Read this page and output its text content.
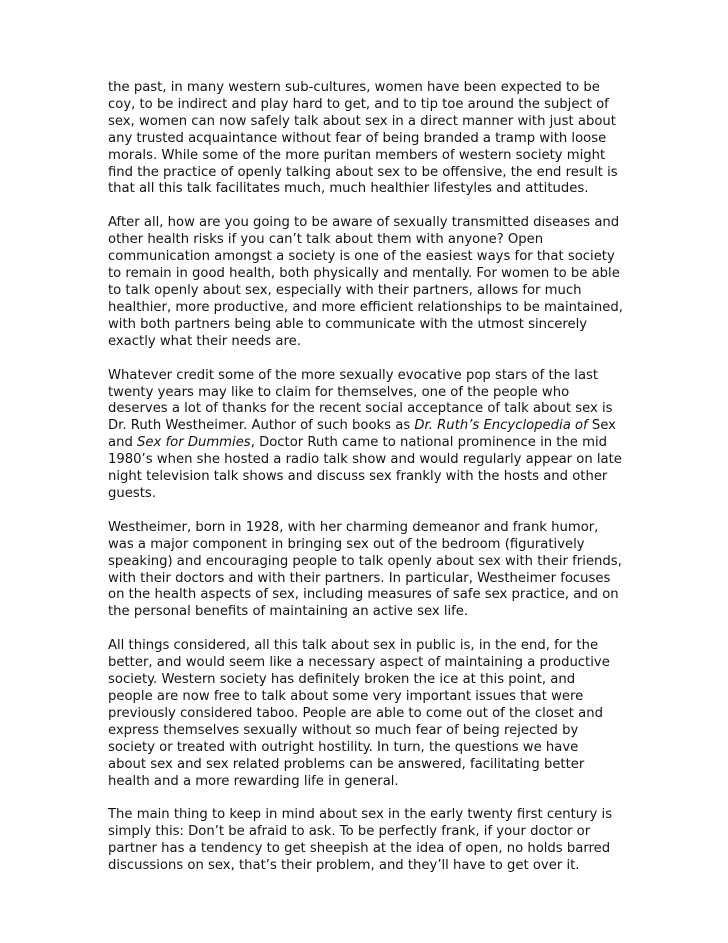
the past, in many western sub-cultures, women have been expected to be
coy, to be indirect and play hard to get, and to tip toe around the subject of
sex, women can now safely talk about sex in a direct manner with just about
any trusted acquaintance without fear of being branded a tramp with loose
morals. While some of the more puritan members of western society might
find the practice of openly talking about sex to be offensive, the end result is
that all this talk facilitates much, much healthier lifestyles and attitudes.

After all, how are you going to be aware of sexually transmitted diseases and
other health risks if you can’t talk about them with anyone? Open
communication amongst a society is one of the easiest ways for that society
to remain in good health, both physically and mentally. For women to be able
to talk openly about sex, especially with their partners, allows for much
healthier, more productive, and more efficient relationships to be maintained,
with both partners being able to communicate with the utmost sincerely
exactly what their needs are.

Whatever credit some of the more sexually evocative pop stars of the last
twenty years may like to claim for themselves, one of the people who
deserves a lot of thanks for the recent social acceptance of talk about sex is
Dr. Ruth Westheimer. Author of such books as Dr. Ruth’s Encyclopedia of Sex
and Sex for Dummies, Doctor Ruth came to national prominence in the mid
1980’s when she hosted a radio talk show and would regularly appear on late
night television talk shows and discuss sex frankly with the hosts and other
guests.

Westheimer, born in 1928, with her charming demeanor and frank humor,
was a major component in bringing sex out of the bedroom (figuratively
speaking) and encouraging people to talk openly about sex with their friends,
with their doctors and with their partners. In particular, Westheimer focuses
on the health aspects of sex, including measures of safe sex practice, and on
the personal benefits of maintaining an active sex life.

All things considered, all this talk about sex in public is, in the end, for the
better, and would seem like a necessary aspect of maintaining a productive
society. Western society has definitely broken the ice at this point, and
people are now free to talk about some very important issues that were
previously considered taboo. People are able to come out of the closet and
express themselves sexually without so much fear of being rejected by
society or treated with outright hostility. In turn, the questions we have
about sex and sex related problems can be answered, facilitating better
health and a more rewarding life in general.

The main thing to keep in mind about sex in the early twenty first century is
simply this: Don’t be afraid to ask. To be perfectly frank, if your doctor or
partner has a tendency to get sheepish at the idea of open, no holds barred
discussions on sex, that’s their problem, and they’ll have to get over it.
